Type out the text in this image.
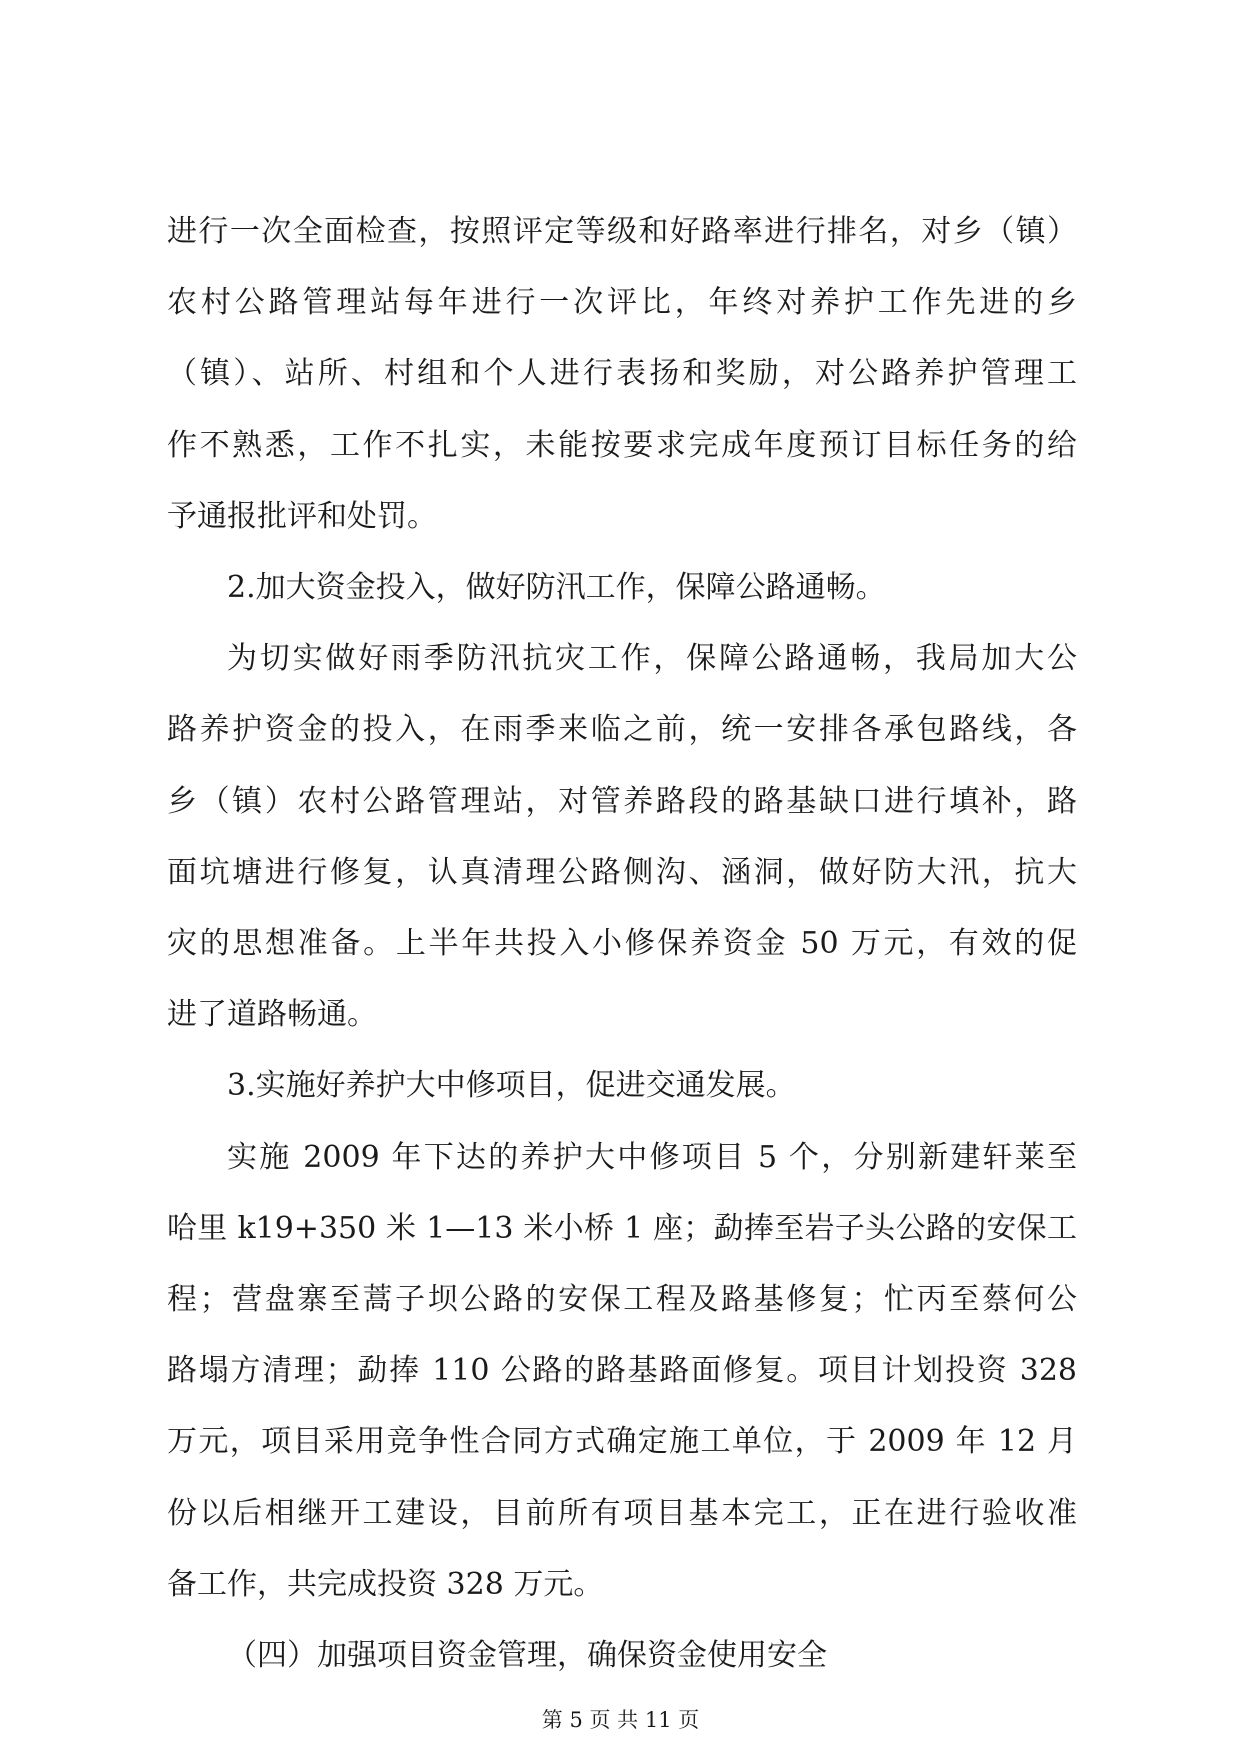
进行一次全面检查，按照评定等级和好路率进行排名，对乡（镇）
农村公路管理站每年进行一次评比，年终对养护工作先进的乡
（镇）、站所、村组和个人进行表扬和奖励，对公路养护管理工
作不熟悉，工作不扎实，未能按要求完成年度预订目标任务的给
予通报批评和处罚。
2.加大资金投入，做好防汛工作，保障公路通畅。
为切实做好雨季防汛抗灾工作，保障公路通畅，我局加大公
路养护资金的投入，在雨季来临之前，统一安排各承包路线，各
乡（镇）农村公路管理站，对管养路段的路基缺口进行填补，路
面坑塘进行修复，认真清理公路侧沟、涵洞，做好防大汛，抗大
灾的思想准备。上半年共投入小修保养资金 50 万元，有效的促
进了道路畅通。
3.实施好养护大中修项目，促进交通发展。
实施 2009 年下达的养护大中修项目 5 个，分别新建轩莱至
哈里 k19+350 米 1—13 米小桥 1 座；勐捧至岩子头公路的安保工
程；营盘寨至蒿子坝公路的安保工程及路基修复；忙丙至蔡何公
路塌方清理；勐捧 110 公路的路基路面修复。项目计划投资 328
万元，项目采用竞争性合同方式确定施工单位，于 2009 年 12 月
份以后相继开工建设，目前所有项目基本完工，正在进行验收准
备工作，共完成投资 328 万元。
（四）加强项目资金管理，确保资金使用安全
第 5 页 共 11 页
